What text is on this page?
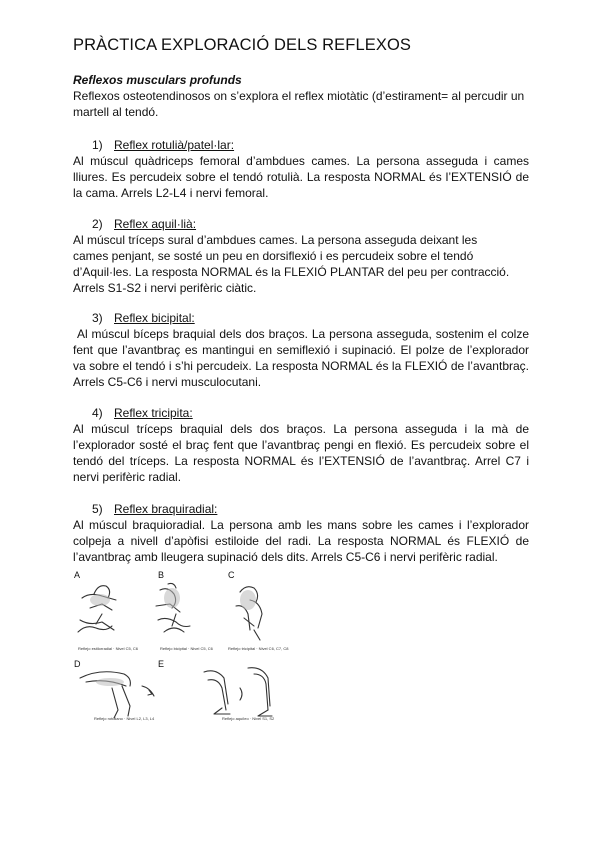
PRÀCTICA EXPLORACIÓ DELS REFLEXOS
Reflexos musculars profunds

Reflexos osteotendinosos on s’explora el reflex miotàtic (d’estirament= al percudir un martell al tendó.

1) Reflex rotulià/patel·lar:

Al múscul quàdriceps femoral d’ambdues cames. La persona asseguda i cames lliures. Es percudeix sobre el tendó rotulià. La resposta NORMAL és l’EXTENSIÓ de la cama. Arrels L2-L4 i nervi femoral.

2) Reflex aquil·lià:

Al múscul tríceps sural d’ambdues cames. La persona asseguda deixant les cames penjant, se sosté un peu en dorsiflexió i es percudeix sobre el tendó d’Aquil·les. La resposta NORMAL és la FLEXIÓ PLANTAR del peu per contracció. Arrels S1-S2 i nervi perifèric ciàtic.

3) Reflex bicipital:

Al múscul bíceps braquial dels dos braços. La persona asseguda, sostenim el colze fent que l’avantbraç es mantingui en semiflexió i supinació. El polze de l’explorador va sobre el tendó i s’hi percudeix. La resposta NORMAL és la FLEXIÓ de l’avantbraç. Arrels C5-C6 i nervi musculocutani.

4) Reflex tricipita:

Al múscul tríceps braquial dels dos braços. La persona asseguda i la mà de l’explorador sosté el braç fent que l’avantbraç pengi en flexió. Es percudeix sobre el tendó del tríceps. La resposta NORMAL és l’EXTENSIÓ de l’avantbraç. Arrel C7 i nervi perifèric radial.

5) Reflex braquiradial:

Al múscul braquioradial. La persona amb les mans sobre les cames i l’explorador colpeja a nivell d’apòfisi estiloide del radi. La resposta NORMAL és FLEXIÓ de l’avantbraç amb lleugera supinació dels dits. Arrels C5-C6 i nervi perifèric radial.

A	B	C
D	E
Reflejo estilorradial · Nivel C5, C6	Reflejo bicipital · Nivel C5, C6	Reflejo tricipital · Nivel C6, C7, C8
Reflejo rotuliano · Nivel L2, L3, L4	Reflejo aquíleo · Nivel S1, S2
